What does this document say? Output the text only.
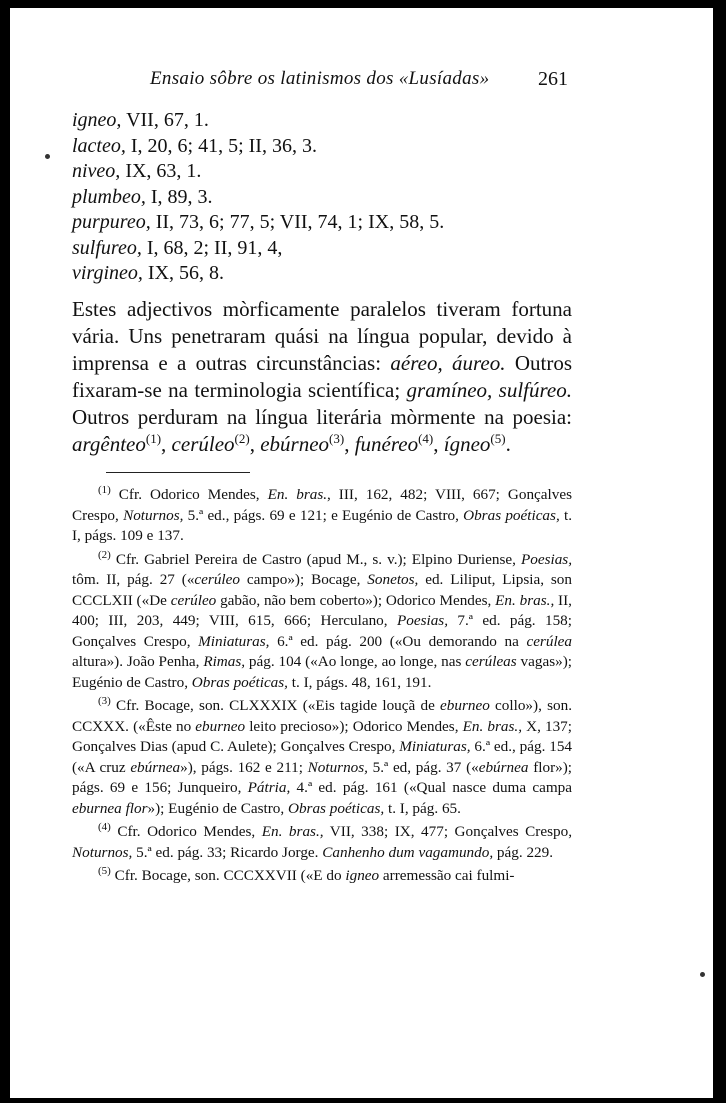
Ensaio sôbre os latinismos dos «Lusíadas» 261
igneo, VII, 67, 1.
lacteo, I, 20, 6; 41, 5; II, 36, 3.
niveo, IX, 63, 1.
plumbeo, I, 89, 3.
purpureo, II, 73, 6; 77, 5; VII, 74, 1; IX, 58, 5.
sulfureo, I, 68, 2; II, 91, 4,
virgineo, IX, 56, 8.
Estes adjectivos mòrficamente paralelos tiveram fortuna
vária. Uns penetraram quási na língua popular, devido à
imprensa e a outras circunstâncias: aéreo, áureo. Outros
fixaram-se na terminologia scientífica; gramíneo, sulfúreo.
Outros perduram na língua literária mòrmente na poesia:
argênteo$^{(1)}$, cerúleo$^{(2)}$, ebúrneo$^{(3)}$, funéreo$^{(4)}$, ígneo$^{(5)}$.

$^{(1)}$ Cfr. Odorico Mendes, En. bras., III, 162, 482; VIII, 667; Gonçalves Crespo, Noturnos, 5.ª ed., págs. 69 e 121; e Eugénio de Castro, Obras poéticas, t. I, págs. 109 e 137.

$^{(2)}$ Cfr. Gabriel Pereira de Castro (apud M., s. v.); Elpino Duriense, Poesias, tôm. II, pág. 27 («cerúleo campo»); Bocage, Sonetos, ed. Liliput, Lipsia, son CCCLXII («De cerúleo gabão, não bem coberto»); Odorico Mendes, En. bras., II, 400; III, 203, 449; VIII, 615, 666; Herculano, Poesias, 7.ª ed. pág. 158; Gonçalves Crespo, Miniaturas, 6.ª ed. pág. 200 («Ou demorando na cerúlea altura»). João Penha, Rimas, pág. 104 («Ao longe, ao longe, nas cerúleas vagas»); Eugénio de Castro, Obras poéticas, t. I, págs. 48, 161, 191.

$^{(3)}$ Cfr. Bocage, son. CLXXXIX («Eis tagide louçã de eburneo collo»), son. CCXXX. («Êste no eburneo leito precioso»); Odorico Mendes, En. bras., X, 137; Gonçalves Dias (apud C. Aulete); Gonçalves Crespo, Miniaturas, 6.ª ed., pág. 154 («A cruz ebúrnea»), págs. 162 e 211; Noturnos, 5.ª ed, pág. 37 («ebúrnea flor»); págs. 69 e 156; Junqueiro, Pátria, 4.ª ed. pág. 161 («Qual nasce duma campa eburnea flor»); Eugénio de Castro, Obras poéticas, t. I, pág. 65.

$^{(4)}$ Cfr. Odorico Mendes, En. bras., VII, 338; IX, 477; Gonçalves Crespo, Noturnos, 5.ª ed. pág. 33; Ricardo Jorge. Canhenho dum vagamundo, pág. 229.

$^{(5)}$ Cfr. Bocage, son. CCCXXVII («E do igneo arremessão cai fulmi-
